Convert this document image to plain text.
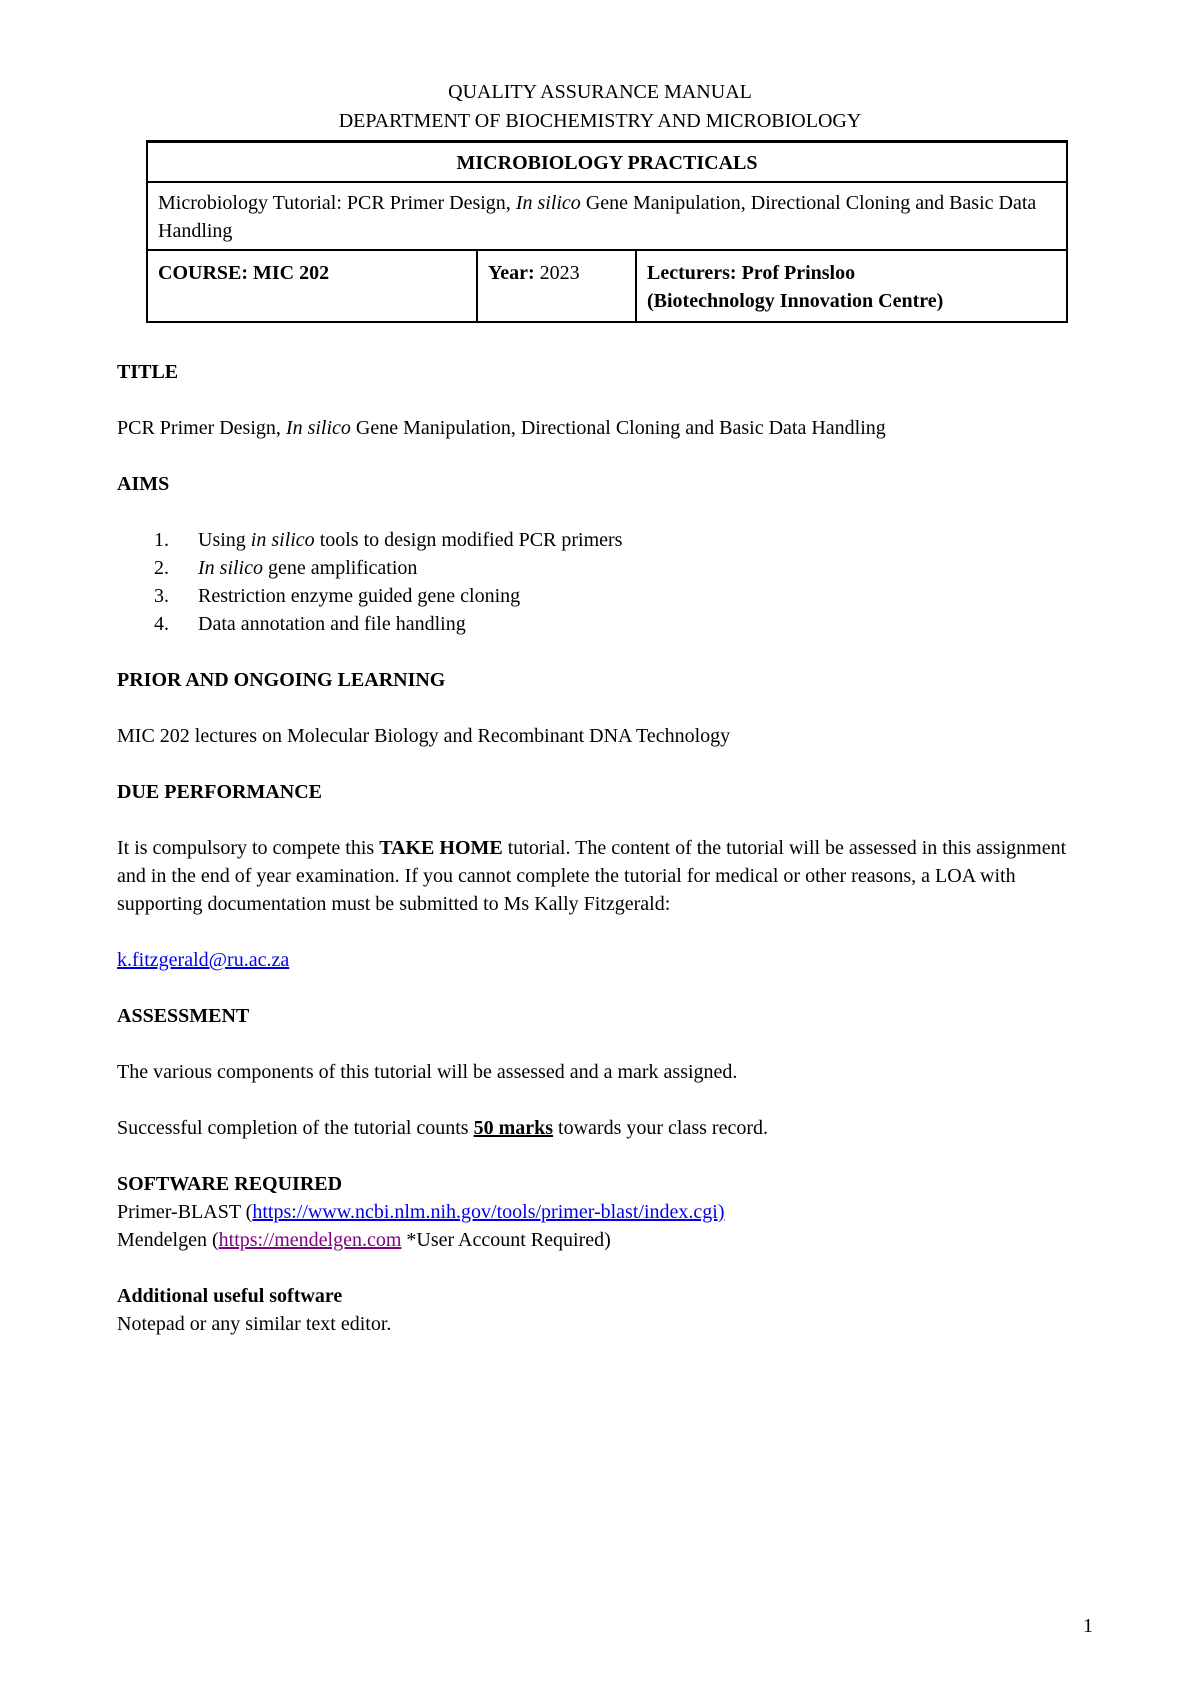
QUALITY ASSURANCE MANUAL
DEPARTMENT OF BIOCHEMISTRY AND MICROBIOLOGY
MICROBIOLOGY PRACTICALS
Microbiology Tutorial: PCR Primer Design, In silico Gene Manipulation, Directional Cloning and Basic Data Handling
COURSE: MIC 202	Year: 2023	Lecturers: Prof Prinsloo
(Biotechnology Innovation Centre)
TITLE
PCR Primer Design, In silico Gene Manipulation, Directional Cloning and Basic Data Handling
AIMS
1. Using in silico tools to design modified PCR primers
2. In silico gene amplification
3. Restriction enzyme guided gene cloning
4. Data annotation and file handling
PRIOR AND ONGOING LEARNING
MIC 202 lectures on Molecular Biology and Recombinant DNA Technology
DUE PERFORMANCE
It is compulsory to compete this TAKE HOME tutorial. The content of the tutorial will be assessed in this assignment and in the end of year examination. If you cannot complete the tutorial for medical or other reasons, a LOA with supporting documentation must be submitted to Ms Kally Fitzgerald:
k.fitzgerald@ru.ac.za
ASSESSMENT
The various components of this tutorial will be assessed and a mark assigned.
Successful completion of the tutorial counts 50 marks towards your class record.
SOFTWARE REQUIRED
Primer-BLAST (https://www.ncbi.nlm.nih.gov/tools/primer-blast/index.cgi)
Mendelgen (https://mendelgen.com *User Account Required)
Additional useful software
Notepad or any similar text editor.
1
